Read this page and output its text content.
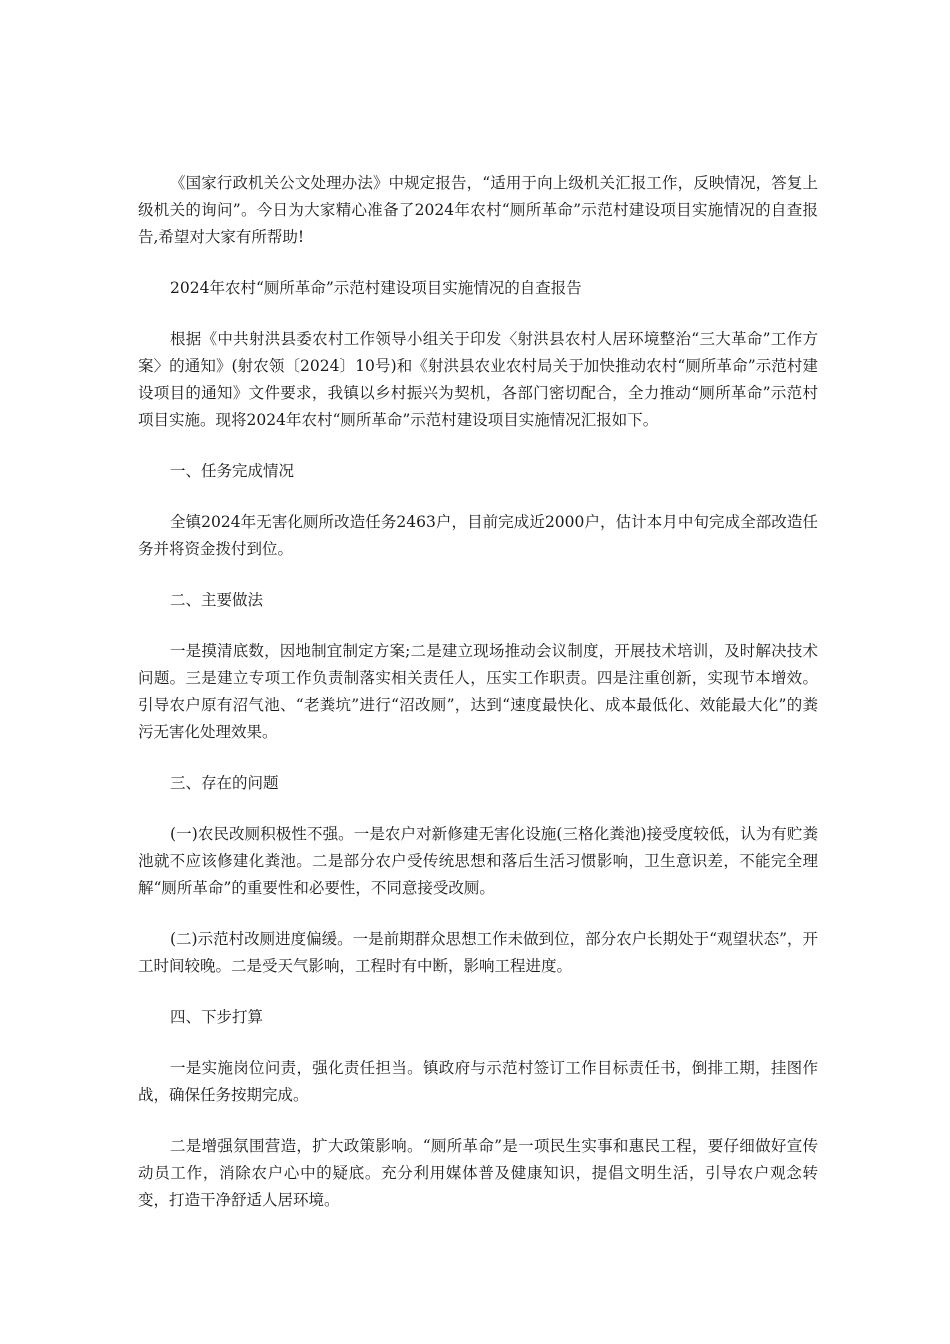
《国家行政机关公文处理办法》中规定报告，“适用于向上级机关汇报工作，反映情况，答复上级机关的询问”。今日为大家精心准备了2024年农村“厕所革命”示范村建设项目实施情况的自查报告,希望对大家有所帮助!

2024年农村“厕所革命”示范村建设项目实施情况的自查报告

根据《中共射洪县委农村工作领导小组关于印发〈射洪县农村人居环境整治“三大革命”工作方案〉的通知》(射农领〔2024〕10号)和《射洪县农业农村局关于加快推动农村“厕所革命”示范村建设项目的通知》文件要求，我镇以乡村振兴为契机，各部门密切配合，全力推动“厕所革命”示范村项目实施。现将2024年农村“厕所革命”示范村建设项目实施情况汇报如下。

一、任务完成情况

全镇2024年无害化厕所改造任务2463户，目前完成近2000户，估计本月中旬完成全部改造任务并将资金拨付到位。

二、主要做法

一是摸清底数，因地制宜制定方案;二是建立现场推动会议制度，开展技术培训，及时解决技术问题。三是建立专项工作负责制落实相关责任人，压实工作职责。四是注重创新，实现节本增效。引导农户原有沼气池、“老粪坑”进行“沼改厕”，达到“速度最快化、成本最低化、效能最大化”的粪污无害化处理效果。

三、存在的问题

(一)农民改厕积极性不强。一是农户对新修建无害化设施(三格化粪池)接受度较低，认为有贮粪池就不应该修建化粪池。二是部分农户受传统思想和落后生活习惯影响，卫生意识差，不能完全理解“厕所革命”的重要性和必要性，不同意接受改厕。

(二)示范村改厕进度偏缓。一是前期群众思想工作未做到位，部分农户长期处于“观望状态”，开工时间较晚。二是受天气影响，工程时有中断，影响工程进度。

四、下步打算

一是实施岗位问责，强化责任担当。镇政府与示范村签订工作目标责任书，倒排工期，挂图作战，确保任务按期完成。

二是增强氛围营造，扩大政策影响。“厕所革命”是一项民生实事和惠民工程，要仔细做好宣传动员工作，消除农户心中的疑底。充分利用媒体普及健康知识，提倡文明生活，引导农户观念转变，打造干净舒适人居环境。
